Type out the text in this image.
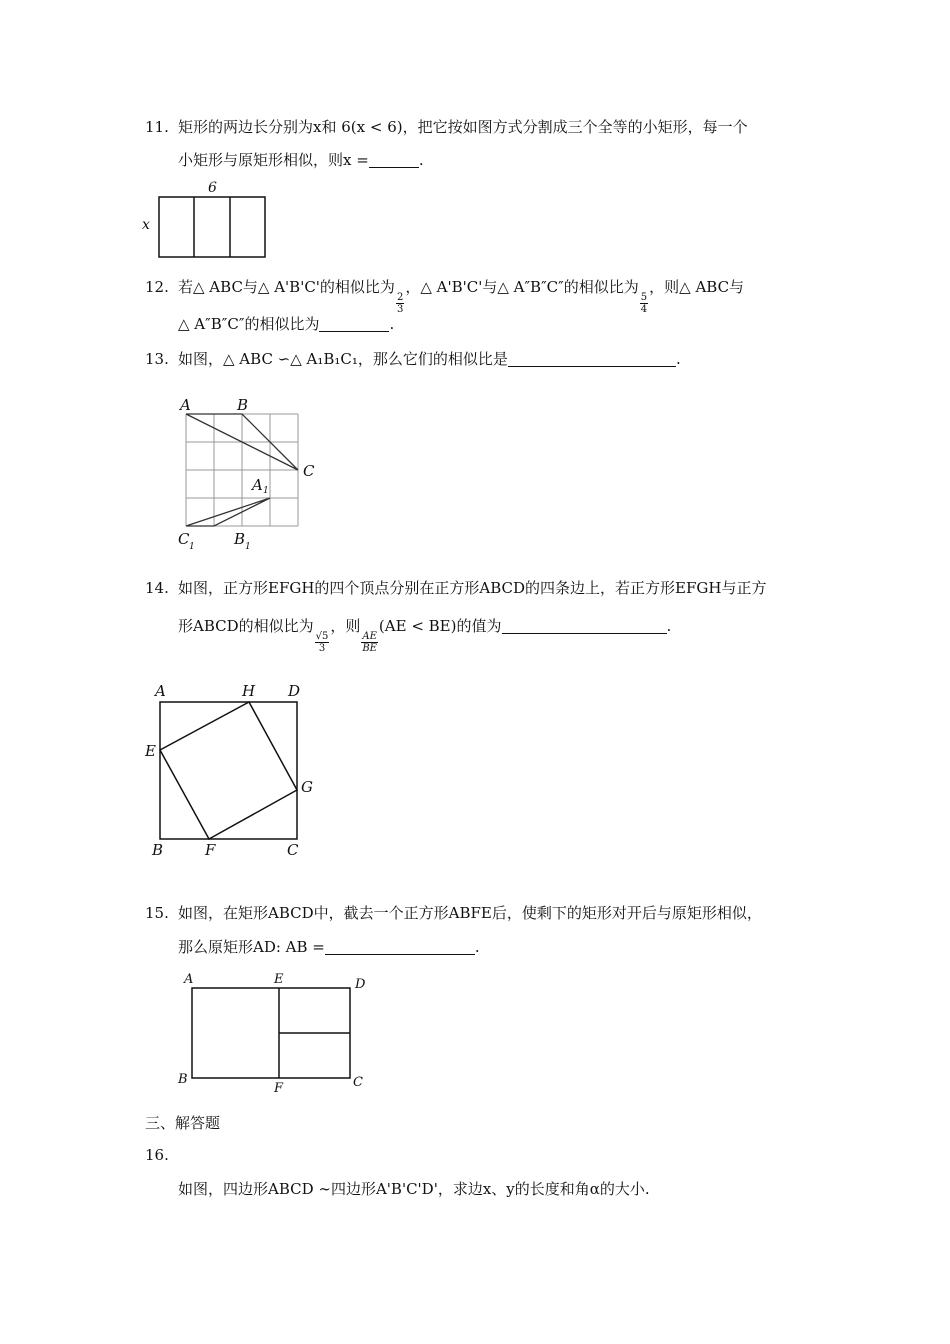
11. 矩形的两边长分别为x和 6(x < 6)，把它按如图方式分割成三个全等的小矩形，每一个
小矩形与原矩形相似，则x =	.
6
x
12. 若△ ABC与△ A'B'C'的相似比为
$\frac{2}{3}$
，△ A'B'C'与△ A″B″C″的相似比为
$\frac{5}{4}$
，则△ ABC与
△ A″B″C″的相似比为	.
13. 如图，△ ABC ∽△ A₁B₁C₁，那么它们的相似比是	.
A	B
C
A 1
C 1	B 1
14. 如图，正方形EFGH的四个顶点分别在正方形ABCD的四条边上，若正方形EFGH与正方
形ABCD的相似比为
$\frac{√5}{3}$
，则
$\frac{AE}{BE}$
(AE < BE)的值为	.
A	H D
E
G
B	F	C
15. 如图，在矩形ABCD中，截去一个正方形ABFE后，使剩下的矩形对开后与原矩形相似，
那么原矩形AD: AB =	.
A	E	D
B
F	C
三、解答题
16.
如图，四边形ABCD ∼四边形A'B'C'D'，求边x、y的长度和角α的大小.
